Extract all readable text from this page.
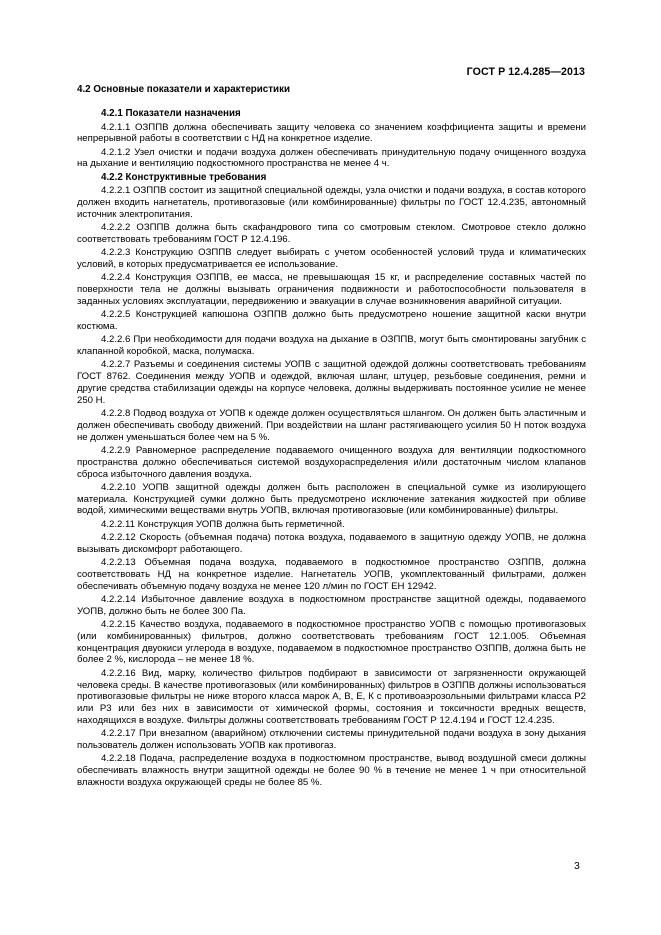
ГОСТ Р 12.4.285—2013

4.2 Основные показатели и характеристики

4.2.1 Показатели назначения

4.2.1.1 ОЗППВ должна обеспечивать защиту человека со значением коэффициента защиты и времени непрерывной работы в соответствии с НД на конкретное изделие.

4.2.1.2 Узел очистки и подачи воздуха должен обеспечивать принудительную подачу очищенного воздуха на дыхание и вентиляцию подкостюмного пространства не менее 4 ч.

4.2.2 Конструктивные требования

4.2.2.1 ОЗППВ состоит из защитной специальной одежды, узла очистки и подачи воздуха, в состав которого должен входить нагнетатель, противогазовые (или комбинированные) фильтры по ГОСТ 12.4.235, автономный источник электропитания.

4.2.2.2 ОЗППВ должна быть скафандрового типа со смотровым стеклом. Смотровое стекло должно соответствовать требованиям ГОСТ Р 12.4.196.

4.2.2.3 Конструкцию ОЗППВ следует выбирать с учетом особенностей условий труда и климатических условий, в которых предусматривается ее использование.

4.2.2.4 Конструкция ОЗППВ, ее масса, не превышающая 15 кг, и распределение составных частей по поверхности тела не должны вызывать ограничения подвижности и работоспособности пользователя в заданных условиях эксплуатации, передвижению и эвакуации в случае возникновения аварийной ситуации.

4.2.2.5 Конструкцией капюшона ОЗППВ должно быть предусмотрено ношение защитной каски внутри костюма.

4.2.2.6 При необходимости для подачи воздуха на дыхание в ОЗППВ, могут быть смонтированы загубник с клапанной коробкой, маска, полумаска.

4.2.2.7 Разъемы и соединения системы УОПВ с защитной одеждой должны соответствовать требованиям ГОСТ 8762. Соединения между УОПВ и одеждой, включая шланг, штуцер, резьбовые соединения, ремни и другие средства стабилизации одежды на корпусе человека, должны выдерживать постоянное усилие не менее 250 Н.

4.2.2.8 Подвод воздуха от УОПВ к одежде должен осуществляться шлангом. Он должен быть эластичным и должен обеспечивать свободу движений. При воздействии на шланг растягивающего усилия 50 Н поток воздуха не должен уменьшаться более чем на 5 %.

4.2.2.9 Равномерное распределение подаваемого очищенного воздуха для вентиляции подкостюмного пространства должно обеспечиваться системой воздухораспределения и/или достаточным числом клапанов сброса избыточного давления воздуха.

4.2.2.10 УОПВ защитной одежды должен быть расположен в специальной сумке из изолирующего материала. Конструкцией сумки должно быть предусмотрено исключение затекания жидкостей при обливе водой, химическими веществами внутрь УОПВ, включая противогазовые (или комбинированные) фильтры.

4.2.2.11 Конструкция УОПВ должна быть герметичной.

4.2.2.12 Скорость (объемная подача) потока воздуха, подаваемого в защитную одежду УОПВ, не должна вызывать дискомфорт работающего.

4.2.2.13 Объемная подача воздуха, подаваемого в подкостюмное пространство ОЗППВ, должна соответствовать НД на конкретное изделие. Нагнетатель УОПВ, укомплектованный фильтрами, должен обеспечивать объемную подачу воздуха не менее 120 л/мин по ГОСТ ЕН 12942.

4.2.2.14 Избыточное давление воздуха в подкостюмном пространстве защитной одежды, подаваемого УОПВ, должно быть не более 300 Па.

4.2.2.15 Качество воздуха, подаваемого в подкостюмное пространство УОПВ с помощью противогазовых (или комбинированных) фильтров, должно соответствовать требованиям ГОСТ 12.1.005. Объемная концентрация двуокиси углерода в воздухе, подаваемом в подкостюмное пространство ОЗППВ, должна быть не более 2 %, кислорода – не менее 18 %.

4.2.2.16 Вид, марку, количество фильтров подбирают в зависимости от загрязненности окружающей человека среды. В качестве противогазовых (или комбинированных) фильтров в ОЗППВ должны использоваться противогазовые фильтры не ниже второго класса марок А, В, Е, К с противоаэрозольными фильтрами класса Р2 или Р3 или без них в зависимости от химической формы, состояния и токсичности вредных веществ, находящихся в воздухе. Фильтры должны соответствовать требованиям ГОСТ Р 12.4.194 и ГОСТ 12.4.235.

4.2.2.17 При внезапном (аварийном) отключении системы принудительной подачи воздуха в зону дыхания пользователь должен использовать УОПВ как противогаз.

4.2.2.18 Подача, распределение воздуха в подкостюмном пространстве, вывод воздушной смеси должны обеспечивать влажность внутри защитной одежды не более 90 % в течение не менее 1 ч при относительной влажности воздуха окружающей среды не более 85 %.

3
